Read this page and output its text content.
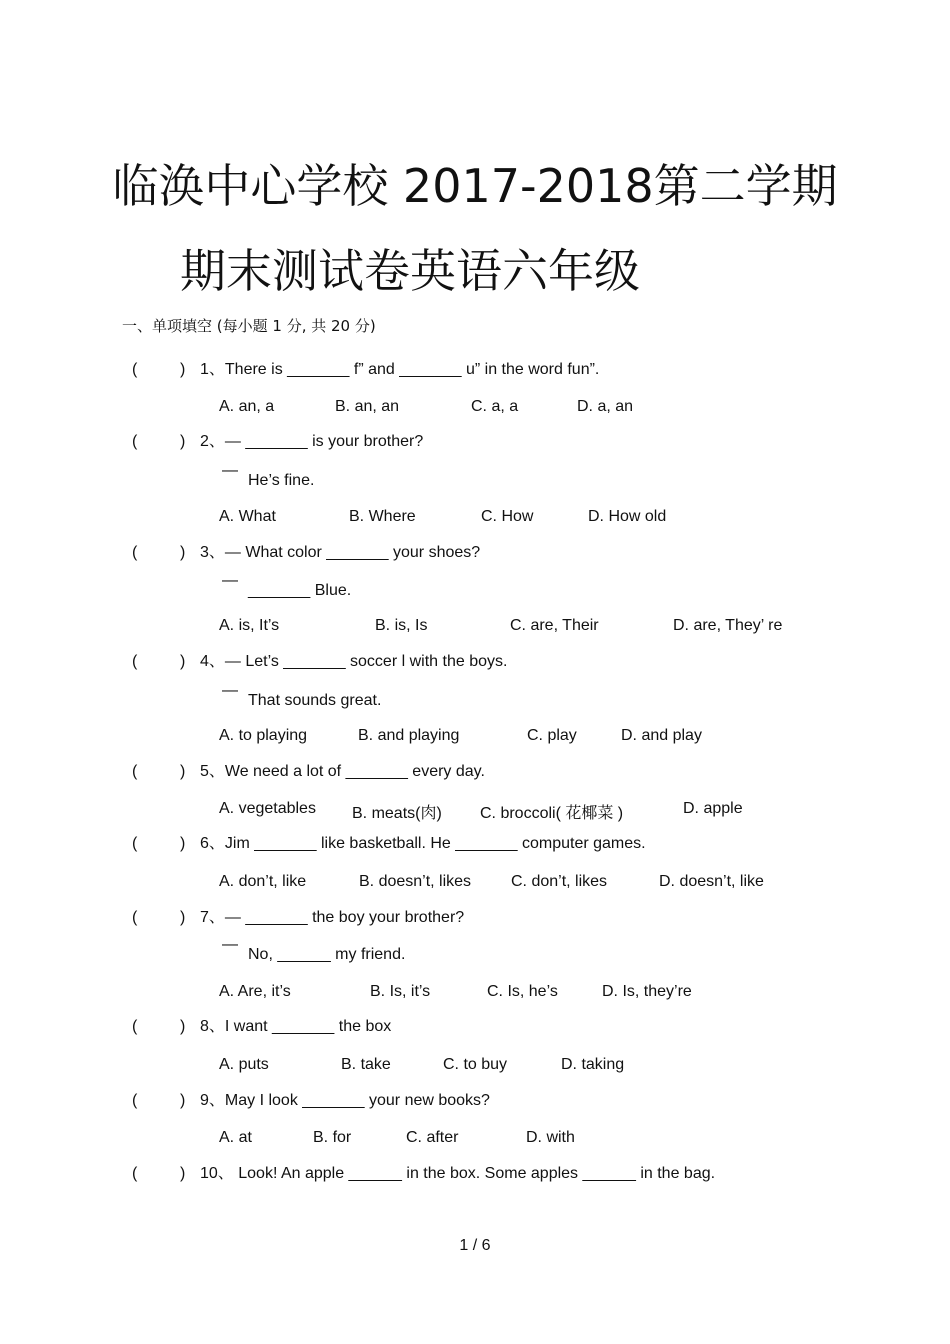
临涣中心学校 2017-2018第二学期
期末测试卷英语六年级
一、单项填空 (每小题 1 分, 共 20 分)
(	) 1、There is _______ f” and _______ u” in the word fun”.
A. an, a	B. an, an	C. a, a	D. a, an
(	) 2、— _______ is your brother?
—
He’s fine.
A. What	B. Where	C. How	D. How old
(	) 3、— What color _______ your shoes?
—
_______ Blue.
A. is, It’s	B. is, Is	C. are, Their	D. are, They’ re
(	) 4、— Let’s _______ soccer l with the boys.
—
That sounds great.
A. to playing	B. and playing	C. play	D. and play
(	) 5、We need a lot of _______ every day.
A. vegetables B. meats(肉) C. broccoli( 花椰菜 )	D. apple
(	) 6、Jim _______ like basketball. He _______ computer games.
A. don’t, like	B. doesn’t, likes C. don’t, likes	D. doesn’t, like
(	) 7、— _______ the boy your brother?
—
No, ______ my friend.
A. Are, it’s	B. Is, it’s	C. Is, he’s	D. Is, they’re
(	) 8、I want _______ the box
A. puts	B. take	C. to buy	D. taking
(	) 9、May I look _______ your new books?
A. at	B. for	C. after	D. with
(	) 10、 Look! An apple ______ in the box. Some apples ______ in the bag.
1 / 6
